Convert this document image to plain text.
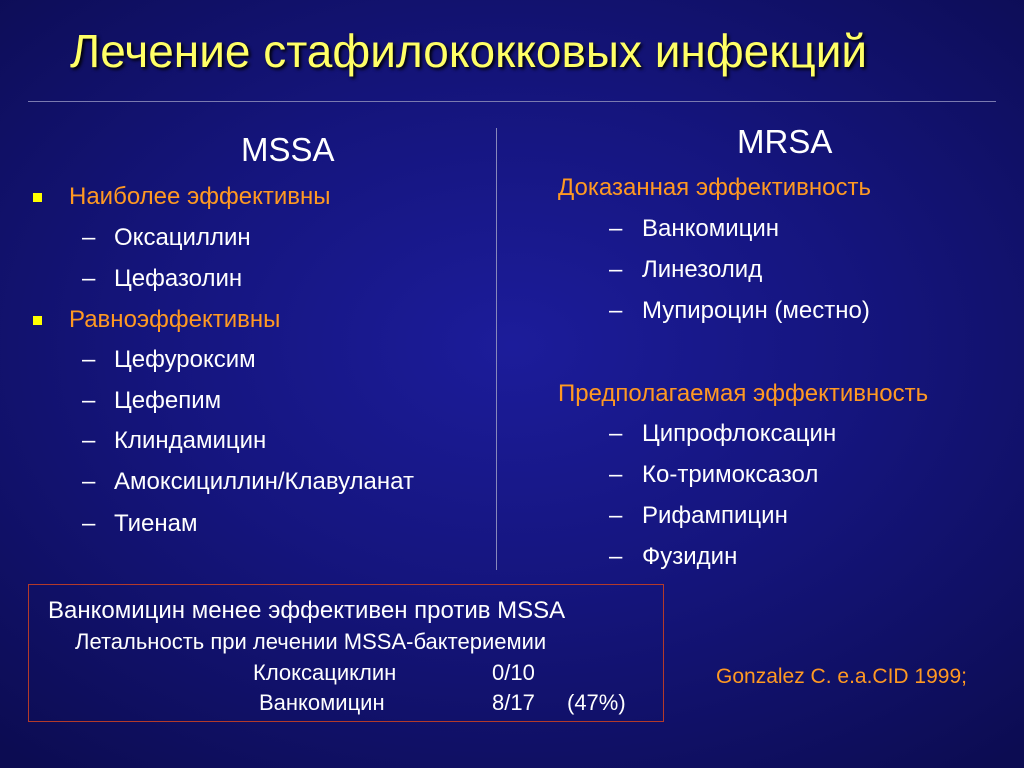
Лечение стафилококковых инфекций
MSSA
Наиболее эффективны
– Оксациллин
– Цефазолин
Равноэффективны
– Цефуроксим
– Цефепим
– Клиндамицин
– Амоксициллин/Клавуланат
– Тиенам
MRSA
Доказанная эффективность
– Ванкомицин
– Линезолид
– Мупироцин (местно)
Предполагаемая эффективность
– Ципрофлоксацин
– Ко-тримоксазол
– Рифампицин
– Фузидин
Ванкомицин менее эффективен против MSSA
Летальность при лечении MSSA-бактериемии
Клоксациклин	0/10
Ванкомицин	8/17 (47%)
Gonzalez C. e.a.CID 1999;
